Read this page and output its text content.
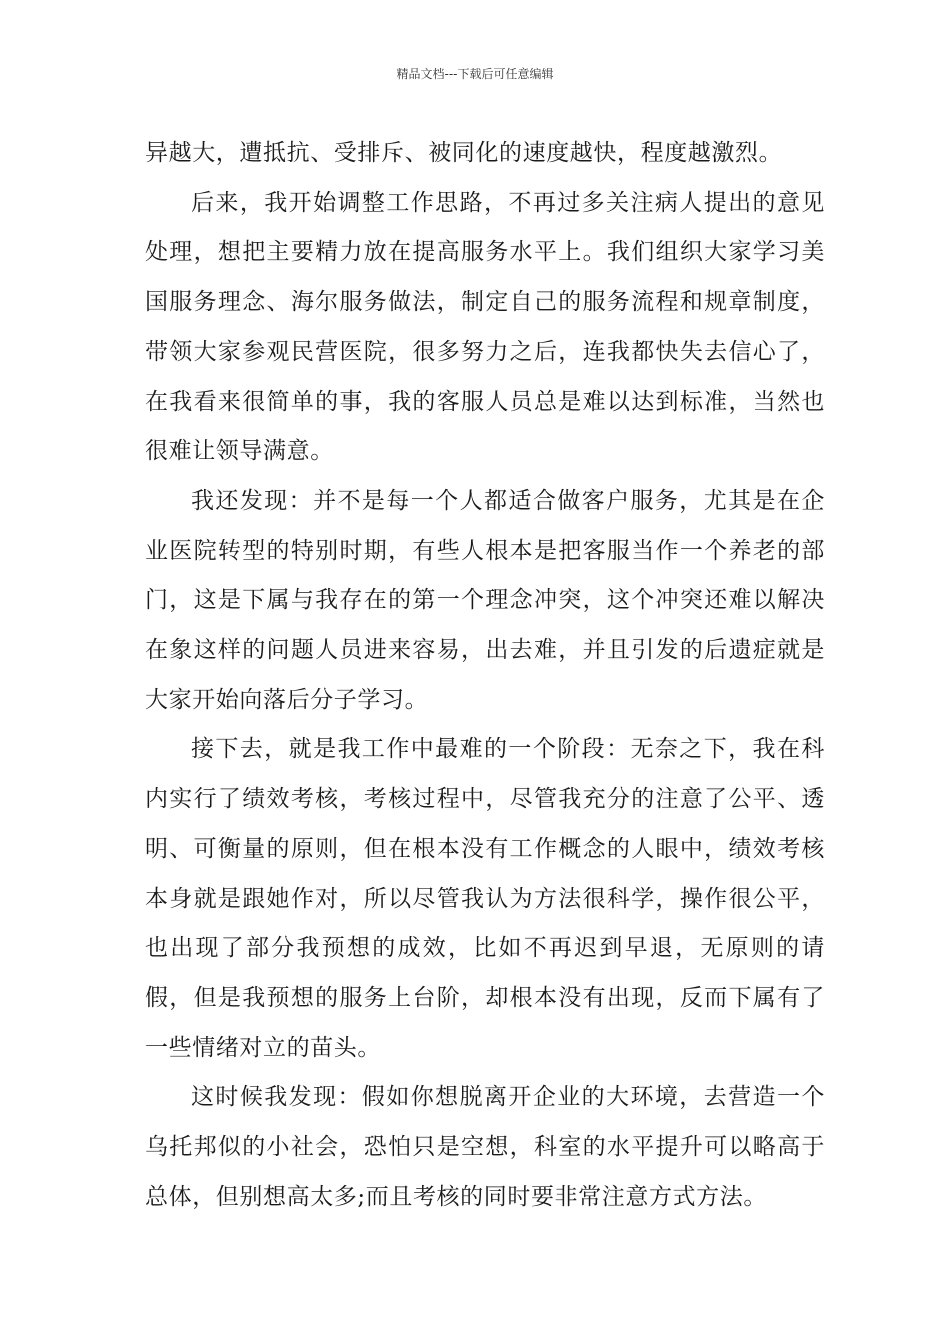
精品文档---下载后可任意编辑

异越大，遭抵抗、受排斥、被同化的速度越快，程度越激烈。

后来，我开始调整工作思路，不再过多关注病人提出的意见处理，想把主要精力放在提高服务水平上。我们组织大家学习美国服务理念、海尔服务做法，制定自己的服务流程和规章制度，带领大家参观民营医院，很多努力之后，连我都快失去信心了，在我看来很简单的事，我的客服人员总是难以达到标准，当然也很难让领导满意。

我还发现：并不是每一个人都适合做客户服务，尤其是在企业医院转型的特别时期，有些人根本是把客服当作一个养老的部门，这是下属与我存在的第一个理念冲突，这个冲突还难以解决在象这样的问题人员进来容易，出去难，并且引发的后遗症就是大家开始向落后分子学习。

接下去，就是我工作中最难的一个阶段：无奈之下，我在科内实行了绩效考核，考核过程中，尽管我充分的注意了公平、透明、可衡量的原则，但在根本没有工作概念的人眼中，绩效考核本身就是跟她作对，所以尽管我认为方法很科学，操作很公平，也出现了部分我预想的成效，比如不再迟到早退，无原则的请假，但是我预想的服务上台阶，却根本没有出现，反而下属有了一些情绪对立的苗头。

这时候我发现：假如你想脱离开企业的大环境，去营造一个乌托邦似的小社会，恐怕只是空想，科室的水平提升可以略高于总体，但别想高太多;而且考核的同时要非常注意方式方法。
